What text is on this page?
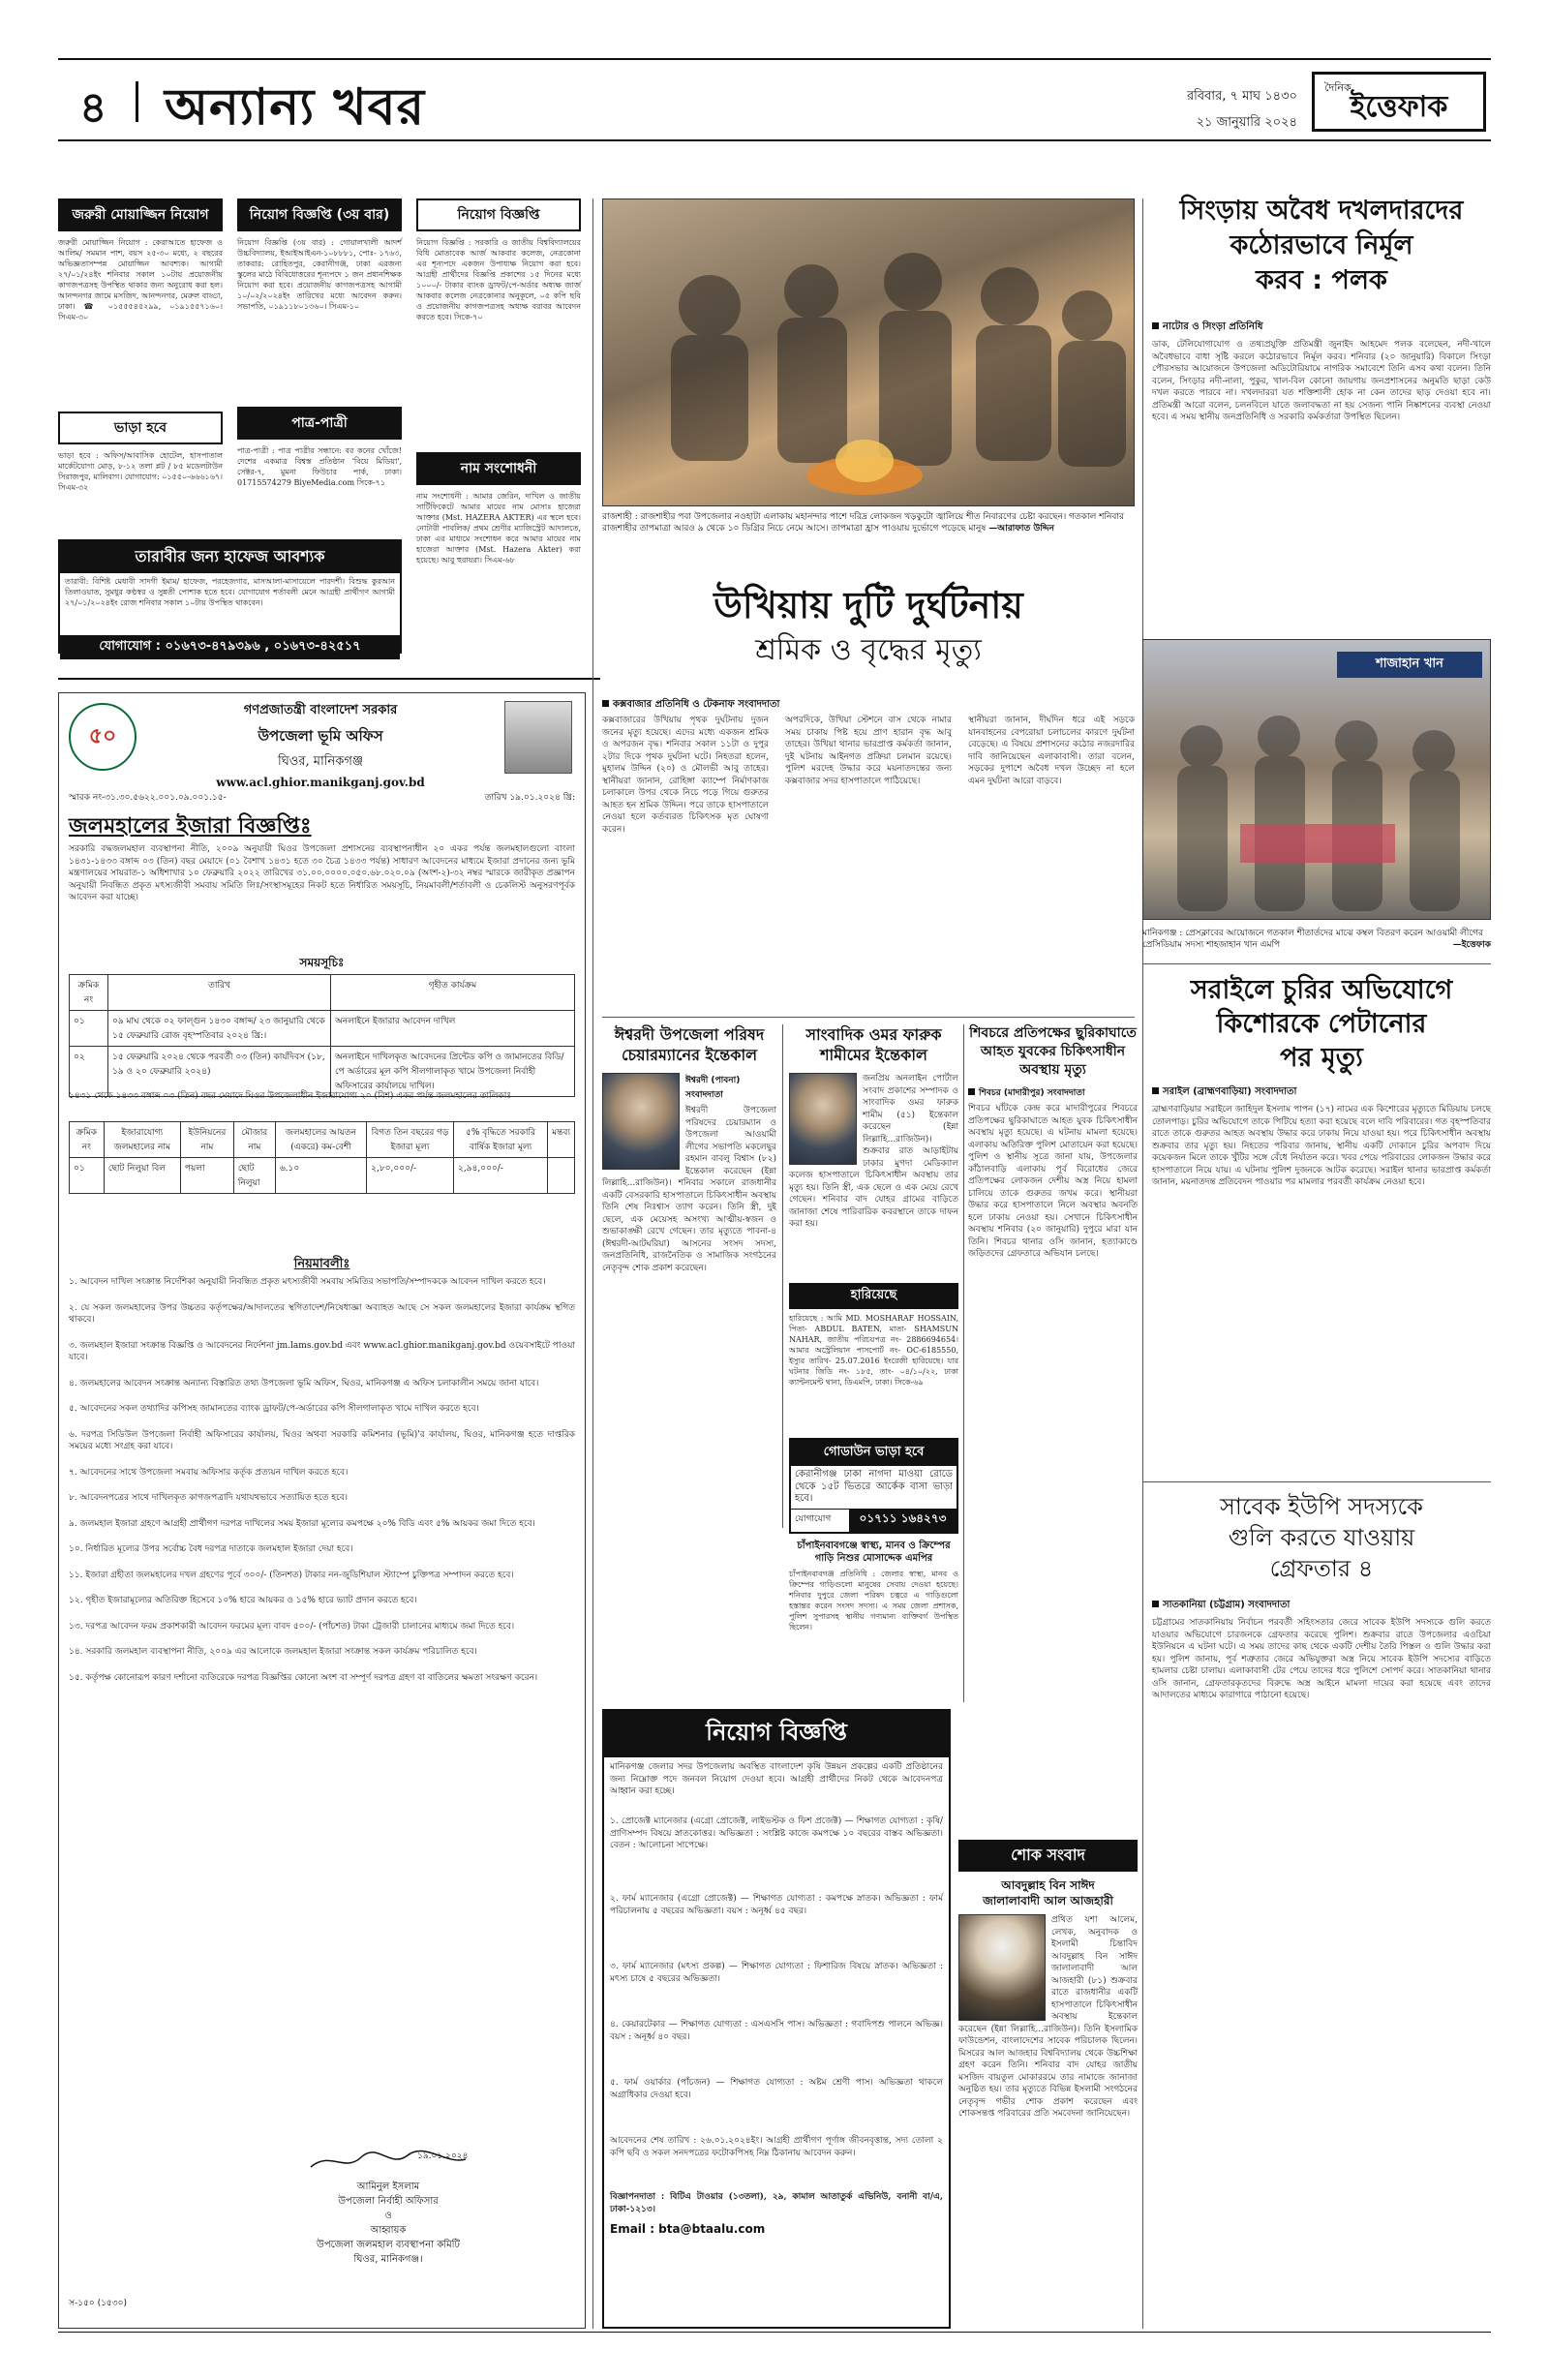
৪ অন্যান্য খবর	রবিবার, ৭ মাঘ ১৪৩০
২১ জানুয়ারি ২০২৪
দৈনিক
ইত্তেফাক
জরুরী মোয়াজ্জিন নিয়োগ
জরুরী মোয়াজ্জিন নিয়োগ : কেরাআতে হাফেজ ও আলিম/ সমমান পাশ, বয়স ২৫-৩০ মধ্যে, ২ বছরের অভিজ্ঞতাসম্পন্ন মোয়াজ্জিন আবশ্যক। আগামী ২৭/০১/২৪ইং শনিবার সকাল ১০টায় প্রয়োজনীয় কাগজপত্রসহ উপস্থিত থাকার জন্য অনুরোধ করা হল। আনন্দনগর জামে মসজিদ, আনন্দনগর, মেরুল বাড্ডা, ঢাকা। ☎ ০১৫৫৫৪৫২৯৯, ০১৯১৫৫৭১৬০। সিএম-৩০
ভাড়া হবে
ভাড়া হবে : অফিস/আবাসিক হোটেল, হাসপাতাল মার্কেটযোগ্য মোড়, ৮-১২ তলা প্লট / ৮৫ মডেলটাউন সিরাজপুর, মালিবাগ। যোগাযোগ: ০১৫৫০-৬৬৬১৬৭। সিএম-৩২
নিয়োগ বিজ্ঞপ্তি (৩য় বার)
নিয়োগ বিজ্ঞপ্তি (৩য় বার) : গোয়ালখালী আদর্শ উচ্চবিদ্যালয়, ইআইআইএন-১০৮৮৮১, পোঃ- ১৭৬৩, তাকরার: রোহিতপুর, কেরানীগঞ্জ, ঢাকা এরজন্য স্কুলের মাঠে বিবিধোত্তরের শূন্যপদে ১ জন প্রধানশিক্ষক নিয়োগ করা হবে। প্রয়োজনীয় কাগজপত্রসহ আগামী ১০/০২/২০২৪ইং তারিখের মধ্যে আবেদন করুন। সভাপতি, ০১৯১১৮০১৩৬০। সিএম-১০
পাত্র-পাত্রী
পাত্র-পাত্রী : পাত্র পাত্রীর সন্ধানে: বর কনের খোঁজে! দেশের একমাত্র বিশ্বস্ত প্রতিষ্ঠান 'বিয়ে মিডিয়া', সেক্টর-৭, মুমনা ফিউচার পার্ক, ঢাকা। 01715574279 BiyeMedia.com সিকে-৭১
নিয়োগ বিজ্ঞপ্তি
নিয়োগ বিজ্ঞপ্তি : সরকারি ও জাতীয় বিশ্ববিদ্যালয়ের বিধি মোতাবেক আর্জ আকবার কলেজ, নেত্রকোনা এর শূন্যপদে একজন উপাধ্যক্ষ নিয়োগ করা হবে। আগ্রহী প্রার্থীদের বিজ্ঞপ্তি প্রকাশের ১৫ দিনের মধ্যে ১০০০/- টাকার ব্যাংক ড্রাফট/পে-অর্ডার অধ্যক্ষ জার্জ আকবার কলেজ নেত্রকোনার অনুকূলে, ০৫ কপি ছবি ও প্রয়োজনীয় কাগজপত্রসহ অধ্যক্ষ বরাবর আবেদন করতে হবে। সিকে-৭০
নাম সংশোধনী
নাম সংশোধনী : আমার জেরিন, দাখিল ও জাতীয় সার্টিফিকেটে আমার মায়ের নাম মোসাঃ হাজেরা আক্তার (Mst. HAZERA AKTER) এর স্থলে হবে। নোটারী পাবলিক/ প্রথম শ্রেণীর ম্যাজিস্ট্রেট আদালতে, ঢাকা এর মাধ্যমে সংশোধন করে আমার মায়ের নাম হাজেরা আক্তার (Mst. Hazera Akter) করা হয়েছে। আবু হুরায়রা। সিএম-৬৮
তারাবীর জন্য হাফেজ আবশ্যক
তারাবী: বিশিষ্ট মেধাবী সাদগী ইমাম/ হাফেজ, পরহেজগার, মাসআলা-মাসায়েলে পারদর্শী। বিশুদ্ধ কুরআন তিলাওয়াত, সুমধুর কণ্ঠস্বর ও সুন্নতী পোশাক হতে হবে। যোগাযোগ শর্তাবলী মেনে আগ্রহী প্রার্থীগণ আগামী ২৭/০১/২০২৪ইং রোজ শনিবার সকাল ১০টায় উপস্থিত থাকবেন।
যোগাযোগ : ০১৬৭৩-৪৭৯৩৯৬ , ০১৬৭৩-৪২৫১৭
রাজশাহী : রাজশাহীর পবা উপজেলার নওহাটা এলাকায় মহানন্দার পাশে দরিদ্র লোকজন খড়কুটো জ্বালিয়ে শীত নিবারণের চেষ্টা করছেন। গতকাল শনিবার রাজশাহীর তাপমাত্রা আরও ৯ থেকে ১০ ডিগ্রির নিচে নেমে আসে। তাপমাত্রা হ্রাস পাওয়ায় দুর্ভোগে পড়েছে মানুষ —আরাফাত উদ্দিন
উখিয়ায় দুটি দুর্ঘটনায়
শ্রমিক ও বৃদ্ধের মৃত্যু
কক্সবাজার প্রতিনিধি ও টেকনাফ সংবাদদাতা
কক্সবাজারের উখিয়ায় পৃথক দুর্ঘটনায় দুজন জনের মৃত্যু হয়েছে। এদের মধ্যে একজন শ্রমিক ও অপরজন বৃদ্ধ। শনিবার সকাল ১১টা ও দুপুর ২টার দিকে পৃথক দুর্ঘটনা ঘটে। নিহতরা হলেন, মুহালম উদ্দিন (২০) ও মৌলভী আবু তাহের। স্থানীয়রা জানান, রোহিঙ্গা ক্যাম্পে নির্মাণকাজ চলাকালে উপর থেকে নিচে পড়ে গিয়ে গুরুতর আহত হন শ্রমিক উদ্দিন। পরে তাকে হাসপাতালে নেওয়া হলে কর্তব্যরত চিকিৎসক মৃত ঘোষণা করেন।
অপরদিকে, উখিয়া স্টেশনে বাস থেকে নামার সময় চাকায় পিষ্ট হয়ে প্রাণ হারান বৃদ্ধ আবু তাহের। উখিয়া থানার ভারপ্রাপ্ত কর্মকর্তা জানান, দুই ঘটনায় আইনগত প্রক্রিয়া চলমান রয়েছে। পুলিশ মরদেহ উদ্ধার করে ময়নাতদন্তের জন্য কক্সবাজার সদর হাসপাতালে পাঠিয়েছে।
স্থানীয়রা জানান, দীর্ঘদিন ধরে এই সড়কে যানবাহনের বেপরোয়া চলাচলের কারণে দুর্ঘটনা বেড়েছে। এ বিষয়ে প্রশাসনের কঠোর নজরদারির দাবি জানিয়েছেন এলাকাবাসী। তারা বলেন, সড়কের দুপাশে অবৈধ দখল উচ্ছেদ না হলে এমন দুর্ঘটনা আরো বাড়বে।
সিংড়ায় অবৈধ দখলদারদের
কঠোরভাবে নির্মূল
করব : পলক
নাটোর ও সিংড়া প্রতিনিধি
ডাক, টেলিযোগাযোগ ও তথ্যপ্রযুক্তি প্রতিমন্ত্রী জুনাইদ আহমেদ পলক বলেছেন, নদী-খালে অবৈধভাবে বাধা সৃষ্টি করলে কঠোরভাবে নির্মূল করব। শনিবার (২০ জানুয়ারি) বিকালে সিংড়া পৌরসভার আয়োজনে উপজেলা অডিটোরিয়ামে নাগরিক সমাবেশে তিনি এসব কথা বলেন। তিনি বলেন, সিংড়ার নদী-নালা, পুকুর, খাল-বিল কোনো জায়গায় জনপ্রশাসনের অনুমতি ছাড়া কেউ দখল করতে পারবে না। দখলদাররা যত শক্তিশালী হোক না কেন তাদের ছাড় দেওয়া হবে না। প্রতিমন্ত্রী আরো বলেন, চলনবিলে যাতে জলাবদ্ধতা না হয় সেজন্য পানি নিষ্কাশনের ব্যবস্থা নেওয়া হবে। এ সময় স্থানীয় জনপ্রতিনিধি ও সরকারি কর্মকর্তারা উপস্থিত ছিলেন।
শাজাহান খান
মানিকগঞ্জ : প্রেসক্লাবের আয়োজনে গতকাল শীতার্তদের মাঝে কম্বল বিতরণ করেন আওয়ামী লীগের প্রেসিডিয়াম সদস্য শাহজাহান খান এমপি	—ইত্তেফাক
৫০
গণপ্রজাতন্ত্রী বাংলাদেশ সরকার
উপজেলা ভূমি অফিস
ঘিওর, মানিকগঞ্জ
www.acl.ghior.manikganj.gov.bd
স্মারক নং-৩১.৩০.৫৬২২.০০১.০৯.০০১.১৫-	তারিখ ১৯.০১.২০২৪ খ্রি:
জলমহালের ইজারা বিজ্ঞপ্তিঃ
সরকারি বদ্ধজলমহাল ব্যবস্থাপনা নীতি, ২০০৯ অনুযায়ী ঘিওর উপজেলা প্রশাসনের ব্যবস্থাপনাধীন ২০ একর পর্যন্ত জলমহালগুলো বাংলা ১৪৩১-১৪৩৩ বঙ্গাব্দ ০৩ (তিন) বছর মেয়াদে (০১ বৈশাখ ১৪৩১ হতে ৩০ চৈত্র ১৪৩৩ পর্যন্ত) সাধারণ আবেদনের মাধ্যমে ইজারা প্রদানের জন্য ভূমি মন্ত্রণালয়ের সায়রাত-১ অধিশাখার ১০ ফেব্রুয়ারি ২০২২ তারিখের ৩১.০০.০০০০.০৫০.৬৮.০২০.০৯ (অংশ-২)-৩২ নম্বর স্মারকে জারীকৃত প্রজ্ঞাপন অনুযায়ী নিবন্ধিত প্রকৃত মৎস্যজীবী সমবায় সমিতি লিঃ/সংস্থাসমূহের নিকট হতে নির্ধারিত সময়সূচি, নিয়মাবলী/শর্তাবলী ও চেকলিস্ট অনুসরণপূর্বক আবেদন করা যাচ্ছে।
সময়সূচিঃ
ক্রমিক নং	তারিখ	গৃহীত কার্যক্রম
০১	০৯ মাঘ থেকে ০২ ফাল্গুন ১৪৩০ বঙ্গাব্দ/ ২৩ জানুয়ারি থেকে ১৫ ফেব্রুয়ারি রোজ বৃহস্পতিবার ২০২৪ খ্রি:।	অনলাইনে ইজারার আবেদন দাখিল
০২	১৫ ফেব্রুয়ারি ২০২৪ থেকে পরবর্তী ০৩ (তিন) কার্যদিবস (১৮, ১৯ ও ২০ ফেব্রুয়ারি ২০২৪)	অনলাইনে দাখিলকৃত আবেদনের প্রিন্টেড কপি ও জামানতের বিডি/পে অর্ডারের মূল কপি সীলগালাকৃত খামে উপজেলা নির্বাহী অফিসারের কার্যালয়ে দাখিল।
১৪৩১ থেকে ১৪৩৩ বঙ্গাব্দ ০৩ (তিন) বছর মেয়াদে ঘিওর উপজেলাধীন ইজারাযোগ্য ২০ (বিশ) একর পর্যন্ত জলমহালের তালিকাঃ
ক্রমিক নং	ইজারাযোগ্য জলমহালের নাম	ইউনিয়নের নাম	মৌজার নাম	জলমহালের আয়তন (একরে) কম-বেশী	বিগত তিন বছরের গড় ইজারা মূল্য	৫% বৃদ্ধিতে সরকারি বার্ষিক ইজারা মূল্য	মন্তব্য
০১	ছোট নিলুয়া বিল	পয়লা	ছোট নিলুয়া	৬.১০	২,৮০,০০০/-	২,৯৪,০০০/-	
নিয়মাবলীঃ
১. আবেদন দাখিল সংক্রান্ত নির্দেশিকা অনুযায়ী নিবন্ধিত প্রকৃত মৎস্যজীবী সমবায় সমিতির সভাপতি/সম্পাদককে আবেদন দাখিল করতে হবে।
২. যে সকল জলমহালের উপর উচ্চতর কর্তৃপক্ষের/আদালতের স্থগিতাদেশ/নিষেধাজ্ঞা অব্যাহত আছে সে সকল জলমহালের ইজারা কার্যক্রম স্থগিত থাকবে।
৩. জলমহাল ইজারা সংক্রান্ত বিজ্ঞপ্তি ও আবেদনের নির্দেশনা jm.lams.gov.bd এবং www.acl.ghior.manikganj.gov.bd ওয়েবসাইটে পাওয়া যাবে।
৪. জলমহালের আবেদন সংক্রান্ত অন্যান্য বিস্তারিত তথ্য উপজেলা ভূমি অফিস, ঘিওর, মানিকগঞ্জ এ অফিস চলাকালীন সময়ে জানা যাবে।
৫. আবেদনের সকল তথ্যাদির কপিসহ জামানতের ব্যাংক ড্রাফট/পে-অর্ডারের কপি সীলগালাকৃত খামে দাখিল করতে হবে।
৬. দরপত্র সিডিউল উপজেলা নির্বাহী অফিসারের কার্যালয়, ঘিওর অথবা সরকারি কমিশনার (ভূমি)'র কার্যালয়, ঘিওর, মানিকগঞ্জ হতে দাপ্তরিক সময়ের মধ্যে সংগ্রহ করা যাবে।
৭. আবেদনের সাথে উপজেলা সমবায় অফিসার কর্তৃক প্রত্যয়ন দাখিল করতে হবে।
৮. আবেদনপত্রের সাথে দাখিলকৃত কাগজপত্রাদি যথাযথভাবে সত্যায়িত হতে হবে।
৯. জলমহাল ইজারা গ্রহণে আগ্রহী প্রার্থীগণ দরপত্র দাখিলের সময় ইজারা মূল্যের কমপক্ষে ২০% বিডি এবং ৫% আয়কর জমা দিতে হবে।
১০. নির্ধারিত মূল্যের উপর সর্বোচ্চ বৈধ দরপত্র দাতাকে জলমহাল ইজারা দেয়া হবে।
১১. ইজারা গ্রহীতা জলমহালের দখল গ্রহণের পূর্বে ৩০০/- (তিনশত) টাকার নন-জুডিশিয়াল স্ট্যাম্পে চুক্তিপত্র সম্পাদন করতে হবে।
১২. গৃহীত ইজারামূল্যের অতিরিক্ত হিসেবে ১০% হারে আয়কর ও ১৫% হারে ভ্যাট প্রদান করতে হবে।
১৩. দরপত্র আবেদন ফরম প্রকাশকারী আবেদন ফরমের মূল্য বাবদ ৫০০/- (পাঁচশত) টাকা ট্রেজারী চালানের মাধ্যমে জমা দিতে হবে।
১৪. সরকারি জলমহাল ব্যবস্থাপনা নীতি, ২০০৯ এর আলোকে জলমহাল ইজারা সংক্রান্ত সকল কার্যক্রম পরিচালিত হবে।
১৫. কর্তৃপক্ষ কোনোরূপ কারণ দর্শানো ব্যতিরেকে দরপত্র বিজ্ঞপ্তির কোনো অংশ বা সম্পূর্ণ দরপত্র গ্রহণ বা বাতিলের ক্ষমতা সংরক্ষণ করেন।
১৯.০১.২০২৪
আমিনুল ইসলাম
উপজেলা নির্বাহী অফিসার
ও
আহ্বায়ক
উপজেলা জলমহাল ব্যবস্থাপনা কমিটি
ঘিওর, মানিকগঞ্জ।
স-১৫০ (১৫৩০)
ঈশ্বরদী উপজেলা পরিষদ
চেয়ারম্যানের ইন্তেকাল
ঈশ্বরদী (পাবনা) সংবাদদাতা
ঈশ্বরদী উপজেলা পরিষদের চেয়ারম্যান ও উপজেলা আওয়ামী লীগের সভাপতি মকলেছুর রহমান বাবলু বিশ্বাস (৮২) ইন্তেকাল করেছেন (ইন্না লিল্লাহি...রাজিউন)। শনিবার সকালে রাজধানীর একটি বেসরকারি হাসপাতালে চিকিৎসাধীন অবস্থায় তিনি শেষ নিঃশ্বাস ত্যাগ করেন। তিনি স্ত্রী, দুই ছেলে, এক মেয়েসহ অসংখ্য আত্মীয়-স্বজন ও শুভাকাঙ্ক্ষী রেখে গেছেন। তার মৃত্যুতে পাবনা-৪ (ঈশ্বরদী-আটঘরিয়া) আসনের সংসদ সদস্য, জনপ্রতিনিধি, রাজনৈতিক ও সামাজিক সংগঠনের নেতৃবৃন্দ শোক প্রকাশ করেছেন।
সাংবাদিক ওমর ফারুক
শামীমের ইন্তেকাল
জনপ্রিয় অনলাইন পোর্টাল সংবাদ প্রকাশের সম্পাদক ও সাংবাদিক ওমর ফারুক শামীম (৫১) ইন্তেকাল করেছেন (ইন্না লিল্লাহি...রাজিউন)। শুক্রবার রাত আড়াইটায় ঢাকার মুগদা মেডিক্যাল কলেজ হাসপাতালে চিকিৎসাধীন অবস্থায় তার মৃত্যু হয়। তিনি স্ত্রী, এক ছেলে ও এক মেয়ে রেখে গেছেন। শনিবার বাদ যোহর গ্রামের বাড়িতে জানাজা শেষে পারিবারিক কবরস্থানে তাকে দাফন করা হয়।
হারিয়েছে
হারিয়েছে : আমি MD. MOSHARAF HOSSAIN, পিতা- ABDUL BATEN, মাতা- SHAMSUN NAHAR, জাতীয় পরিচয়পত্র নং- 2886694654। আমার অস্ট্রেলিয়ান পাসপোর্ট নং- OC-6185550, ইস্যুর তারিখ- 25.07.2016 ইংরেজী হারিয়েছে। যার ঘটনার জিডি নং- ১৮৫, তাং- ০৪/১০/২২, ঢাকা ক্যান্টনমেন্ট থানা, ডিএমপি, ঢাকা। সিকে-৬৯
গোডাউন ভাড়া হবে
কেরানীগঞ্জ ঢাকা নাগদা মাওয়া রোডে থেকে ১৫ট ভিতরে আর্কেক বাসা ভাড়া হবে।
যোগাযোগ	০১৭১১ ১৬৪২৭৩
চাঁপাইনবাবগঞ্জে স্বাস্থ্য, মানব ও ক্রিম্পের গাড়ি নিশুর মোসাদ্দেক এমপির
চাঁপাইনবাবগঞ্জ প্রতিনিধি : জেলার স্বাস্থ্য, মানব ও ক্রিম্পের গাড়িগুলো মানুষের সেবায় দেওয়া হয়েছে। শনিবার দুপুরে জেলা পরিষদ চত্বরে এ গাড়িগুলো হস্তান্তর করেন সংসদ সদস্য। এ সময় জেলা প্রশাসক, পুলিশ সুপারসহ স্থানীয় গণ্যমান্য ব্যক্তিবর্গ উপস্থিত ছিলেন।
শিবচরে প্রতিপক্ষের ছুরিকাঘাতে
আহত যুবকের চিকিৎসাধীন
অবস্থায় মৃত্যু
শিবচর (মাদারীপুর) সংবাদদাতা
শিবচর ঘাঁটকে কেন্দ্র করে মাদারীপুরের শিবচরে প্রতিপক্ষের ছুরিকাঘাতে আহত যুবক চিকিৎসাধীন অবস্থায় মৃত্যু হয়েছে। এ ঘটনায় মামলা হয়েছে। এলাকায় অতিরিক্ত পুলিশ মোতায়েন করা হয়েছে। পুলিশ ও স্থানীয় সূত্রে জানা যায়, উপজেলার কাঁঠালবাড়ি এলাকায় পূর্ব বিরোধের জেরে প্রতিপক্ষের লোকজন দেশীয় অস্ত্র নিয়ে হামলা চালিয়ে তাকে গুরুতর জখম করে। স্থানীয়রা উদ্ধার করে হাসপাতালে নিলে অবস্থার অবনতি হলে ঢাকায় নেওয়া হয়। সেখানে চিকিৎসাধীন অবস্থায় শনিবার (২০ জানুয়ারি) দুপুরে মারা যান তিনি। শিবচর থানার ওসি জানান, হত্যাকাণ্ডে জড়িতদের গ্রেফতারে অভিযান চলছে।
সরাইলে চুরির অভিযোগে
কিশোরকে পেটানোর
পর মৃত্যু
সরাইল (ব্রাহ্মণবাড়িয়া) সংবাদদাতা
ব্রাহ্মণবাড়িয়ার সরাইলে জাহিদুল ইসলাম পাপন (১৭) নামের এক কিশোরের মৃত্যুতে মিডিয়ায় চলছে তোলপাড়। চুরির অভিযোগে তাকে পিটিয়ে হত্যা করা হয়েছে বলে দাবি পরিবারের। গত বৃহস্পতিবার রাতে তাকে গুরুতর আহত অবস্থায় উদ্ধার করে ঢাকায় নিয়ে যাওয়া হয়। পরে চিকিৎসাধীন অবস্থায় শুক্রবার তার মৃত্যু হয়। নিহতের পরিবার জানায়, স্থানীয় একটি দোকানে চুরির অপবাদ দিয়ে কয়েকজন মিলে তাকে খুঁটির সঙ্গে বেঁধে নির্যাতন করে। খবর পেয়ে পরিবারের লোকজন উদ্ধার করে হাসপাতালে নিয়ে যায়। এ ঘটনায় পুলিশ দুজনকে আটক করেছে। সরাইল থানার ভারপ্রাপ্ত কর্মকর্তা জানান, ময়নাতদন্ত প্রতিবেদন পাওয়ার পর মামলার পরবর্তী কার্যক্রম নেওয়া হবে।
সাবেক ইউপি সদস্যকে
গুলি করতে যাওয়ায়
গ্রেফতার ৪
সাতকানিয়া (চট্টগ্রাম) সংবাদদাতা
চট্টগ্রামের সাতকানিয়ায় নির্বাচন পরবর্তী সহিংসতার জেরে সাবেক ইউপি সদস্যকে গুলি করতে যাওয়ার অভিযোগে চারজনকে গ্রেফতার করেছে পুলিশ। শুক্রবার রাতে উপজেলার এওচিয়া ইউনিয়নে এ ঘটনা ঘটে। এ সময় তাদের কাছ থেকে একটি দেশীয় তৈরি পিস্তল ও গুলি উদ্ধার করা হয়। পুলিশ জানায়, পূর্ব শত্রুতার জেরে অভিযুক্তরা অস্ত্র নিয়ে সাবেক ইউপি সদস্যের বাড়িতে হামলার চেষ্টা চালায়। এলাকাবাসী টের পেয়ে তাদের ধরে পুলিশে সোপর্দ করে। সাতকানিয়া থানার ওসি জানান, গ্রেফতারকৃতদের বিরুদ্ধে অস্ত্র আইনে মামলা দায়ের করা হয়েছে এবং তাদের আদালতের মাধ্যমে কারাগারে পাঠানো হয়েছে।
নিয়োগ বিজ্ঞপ্তি
মানিকগঞ্জ জেলার সদর উপজেলায় অবস্থিত বাংলাদেশ কৃষি উন্নয়ন প্রকল্পের একটি প্রতিষ্ঠানের জন্য নিম্নোক্ত পদে জনবল নিয়োগ দেওয়া হবে। আগ্রহী প্রার্থীদের নিকট থেকে আবেদনপত্র আহ্বান করা হচ্ছে।
১. প্রোজেক্ট ম্যানেজার (এগ্রো প্রোজেক্ট, লাইভস্টক ও ফিশ প্রজেক্ট) — শিক্ষাগত যোগ্যতা : কৃষি/প্রাণিসম্পদ বিষয়ে স্নাতকোত্তর। অভিজ্ঞতা : সংশ্লিষ্ট কাজে কমপক্ষে ১০ বছরের বাস্তব অভিজ্ঞতা। বেতন : আলোচনা সাপেক্ষে।
২. ফার্ম ম্যানেজার (এগ্রো প্রোজেক্ট) — শিক্ষাগত যোগ্যতা : কমপক্ষে স্নাতক। অভিজ্ঞতা : ফার্ম পরিচালনায় ৫ বছরের অভিজ্ঞতা। বয়স : অনূর্ধ্ব ৪৫ বছর।
৩. ফার্ম ম্যানেজার (মৎস্য প্রকল্প) — শিক্ষাগত যোগ্যতা : ফিশারিজ বিষয়ে স্নাতক। অভিজ্ঞতা : মৎস্য চাষে ৫ বছরের অভিজ্ঞতা।
৪. কেয়ারটেকার — শিক্ষাগত যোগ্যতা : এসএসসি পাস। অভিজ্ঞতা : গবাদিপশু পালনে অভিজ্ঞ। বয়স : অনূর্ধ্ব ৪০ বছর।
৫. ফার্ম ওয়ার্কার (পাঁচজন) — শিক্ষাগত যোগ্যতা : অষ্টম শ্রেণী পাস। অভিজ্ঞতা থাকলে অগ্রাধিকার দেওয়া হবে।
আবেদনের শেষ তারিখ : ২৬.০১.২০২৪ইং। আগ্রহী প্রার্থীগণ পূর্ণাঙ্গ জীবনবৃত্তান্ত, সদ্য তোলা ২ কপি ছবি ও সকল সনদপত্রের ফটোকপিসহ নিম্ন ঠিকানায় আবেদন করুন।
বিজ্ঞাপনদাতা : বিটিএ টাওয়ার (১৩তলা), ২৯, কামাল আতাতুর্ক এভিনিউ, বনানী বা/এ, ঢাকা-১২১৩।
Email : bta@btaalu.com
শোক সংবাদ
আবদুল্লাহ বিন সাঈদ
জালালাবাদী আল আজহারী
প্রথিত যশা আলেম, লেখক, অনুবাদক ও ইসলামী চিন্তাবিদ আবদুল্লাহ বিন সাঈদ জালালাবাদী আল আজহারী (৮১) শুক্রবার রাতে রাজধানীর একটি হাসপাতালে চিকিৎসাধীন অবস্থায় ইন্তেকাল করেছেন (ইন্না লিল্লাহি...রাজিউন)। তিনি ইসলামিক ফাউন্ডেশন, বাংলাদেশের সাবেক পরিচালক ছিলেন। মিসরের আল আজহার বিশ্ববিদ্যালয় থেকে উচ্চশিক্ষা গ্রহণ করেন তিনি। শনিবার বাদ যোহর জাতীয় মসজিদ বায়তুল মোকাররমে তার নামাজে জানাজা অনুষ্ঠিত হয়। তার মৃত্যুতে বিভিন্ন ইসলামী সংগঠনের নেতৃবৃন্দ গভীর শোক প্রকাশ করেছেন এবং শোকসন্তপ্ত পরিবারের প্রতি সমবেদনা জানিয়েছেন।
